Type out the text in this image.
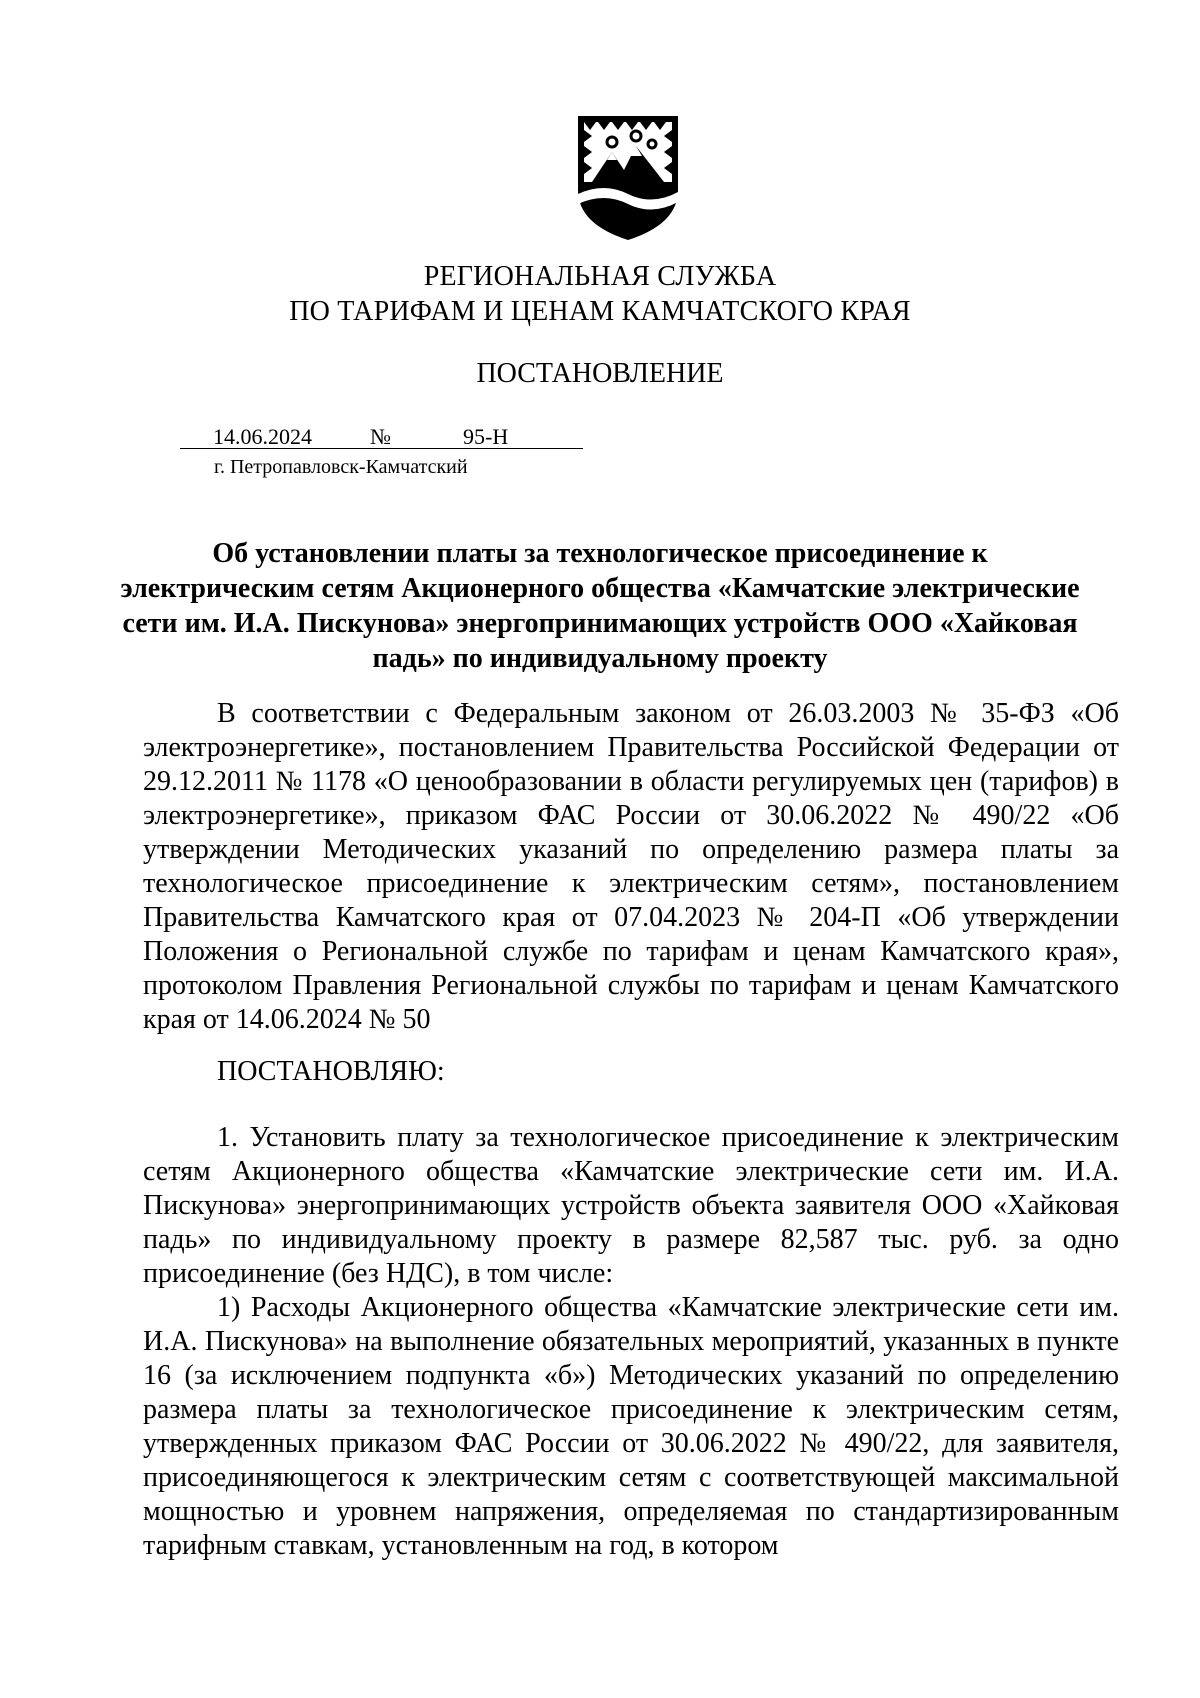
РЕГИОНАЛЬНАЯ СЛУЖБА
ПО ТАРИФАМ И ЦЕНАМ КАМЧАТСКОГО КРАЯ
ПОСТАНОВЛЕНИЕ
14.06.2024	№	95-Н
г. Петропавловск-Камчатский
Об установлении платы за технологическое присоединение к электрическим сетям Акционерного общества «Камчатские электрические сети им. И.А. Пискунова» энергопринимающих устройств ООО «Хайковая падь» по индивидуальному проекту

В соответствии с Федеральным законом от 26.03.2003 № 35-ФЗ «Об электроэнергетике», постановлением Правительства Российской Федерации от 29.12.2011 № 1178 «О ценообразовании в области регулируемых цен (тарифов) в электроэнергетике», приказом ФАС России от 30.06.2022 № 490/22 «Об утверждении Методических указаний по определению размера платы за технологическое присоединение к электрическим сетям», постановлением Правительства Камчатского края от 07.04.2023 № 204-П «Об утверждении Положения о Региональной службе по тарифам и ценам Камчатского края», протоколом Правления Региональной службы по тарифам и ценам Камчатского края от 14.06.2024 № 50

ПОСТАНОВЛЯЮ:

1. Установить плату за технологическое присоединение к электрическим сетям Акционерного общества «Камчатские электрические сети им. И.А. Пискунова» энергопринимающих устройств объекта заявителя ООО «Хайковая падь» по индивидуальному проекту в размере 82,587 тыс. руб. за одно присоединение (без НДС), в том числе:

1) Расходы Акционерного общества «Камчатские электрические сети им. И.А. Пискунова» на выполнение обязательных мероприятий, указанных в пункте 16 (за исключением подпункта «б») Методических указаний по определению размера платы за технологическое присоединение к электрическим сетям, утвержденных приказом ФАС России от 30.06.2022 № 490/22, для заявителя, присоединяющегося к электрическим сетям с соответствующей максимальной мощностью и уровнем напряжения, определяемая по стандартизированным тарифным ставкам, установленным на год, в котором
